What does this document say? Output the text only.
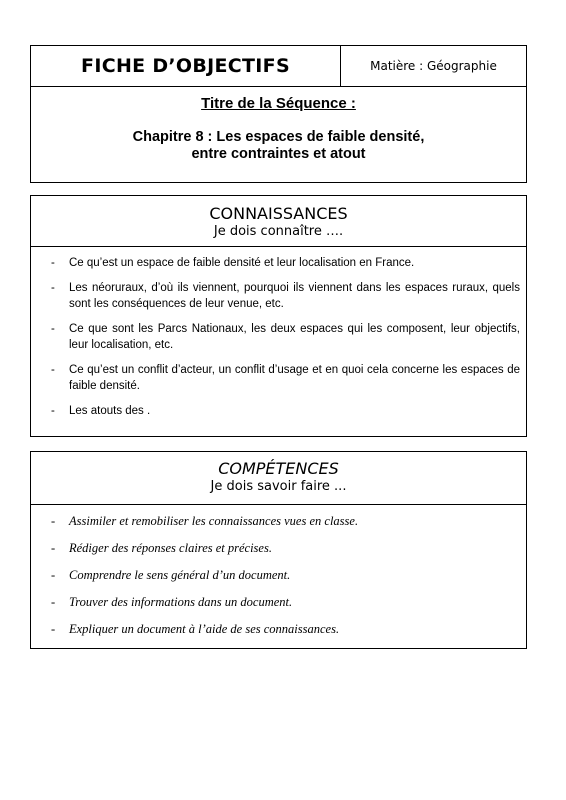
FICHE D’OBJECTIFS	Matière : Géographie
Titre de la Séquence :
Chapitre 8 : Les espaces de faible densité,
entre contraintes et atout
CONNAISSANCES
Je dois connaître ….
-	Ce qu’est un espace de faible densité et leur localisation en France.
-	Les néoruraux, d’où ils viennent, pourquoi ils viennent dans les espaces ruraux, quels sont les conséquences de leur venue, etc.
-	Ce que sont les Parcs Nationaux, les deux espaces qui les composent, leur objectifs, leur localisation, etc.
-	Ce qu’est un conflit d’acteur, un conflit d’usage et en quoi cela concerne les espaces de faible densité.
-	Les atouts des .
COMPÉTENCES
Je dois savoir faire ...
-	Assimiler et remobiliser les connaissances vues en classe.
-	Rédiger des réponses claires et précises.
-	Comprendre le sens général d’un document.
-	Trouver des informations dans un document.
-	Expliquer un document à l’aide de ses connaissances.
